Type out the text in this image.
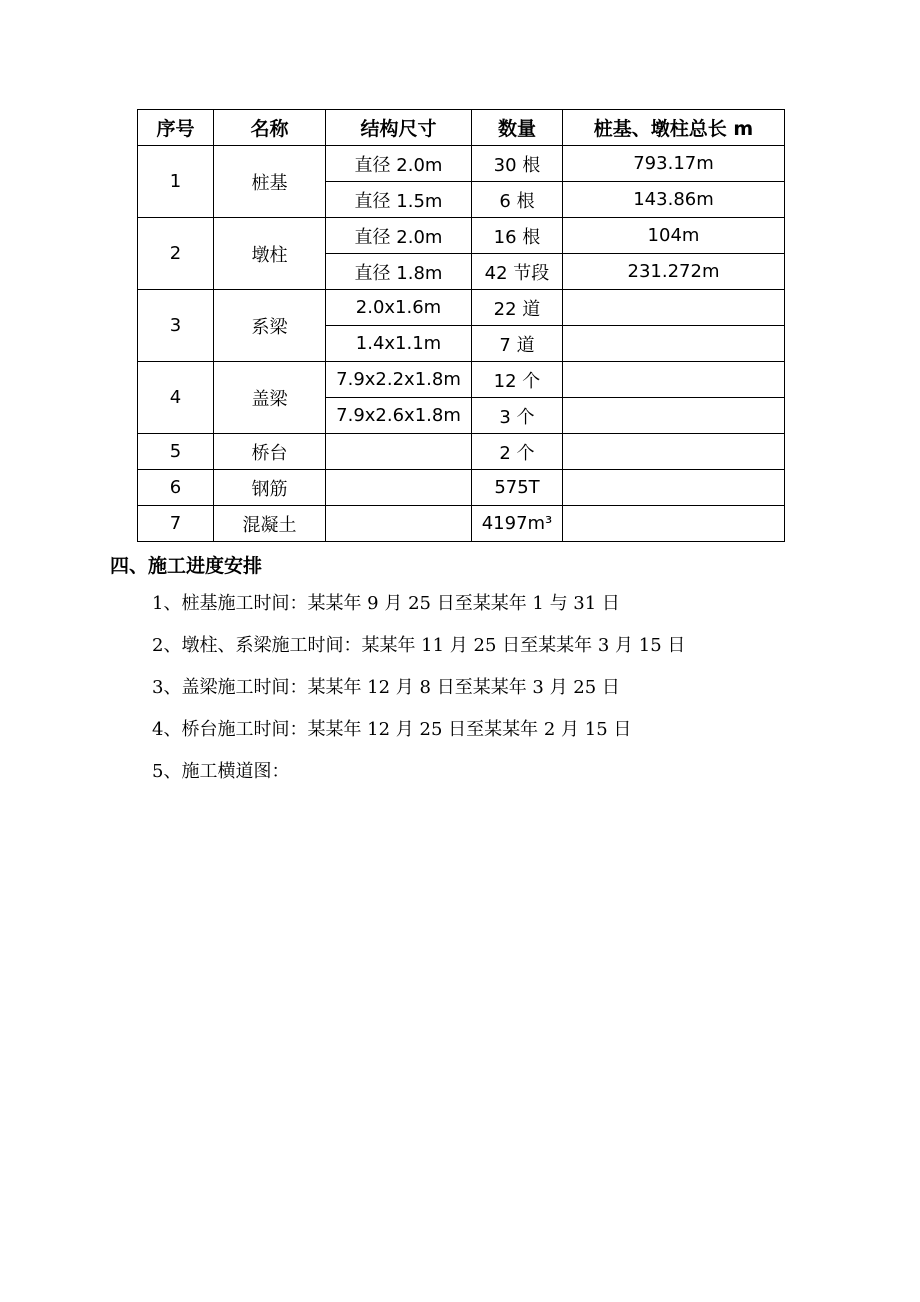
序号	名称	结构尺寸	数量	桩基、墩柱总长 m
1	桩基	直径 2.0m	30 根	793.17m
		直径 1.5m	6 根	143.86m
2	墩柱	直径 2.0m	16 根	104m
		直径 1.8m	42 节段	231.272m
3	系梁	2.0x1.6m	22 道	
		1.4x1.1m	7 道	
4	盖梁	7.9x2.2x1.8m	12 个	
		7.9x2.6x1.8m	3 个	
5	桥台		2 个	
6	钢筋		575T	
7	混凝土		4197m³	
四、施工进度安排
1、桩基施工时间：某某年 9 月 25 日至某某年 1 与 31 日
2、墩柱、系梁施工时间：某某年 11 月 25 日至某某年 3 月 15 日
3、盖梁施工时间：某某年 12 月 8 日至某某年 3 月 25 日
4、桥台施工时间：某某年 12 月 25 日至某某年 2 月 15 日
5、施工横道图：
